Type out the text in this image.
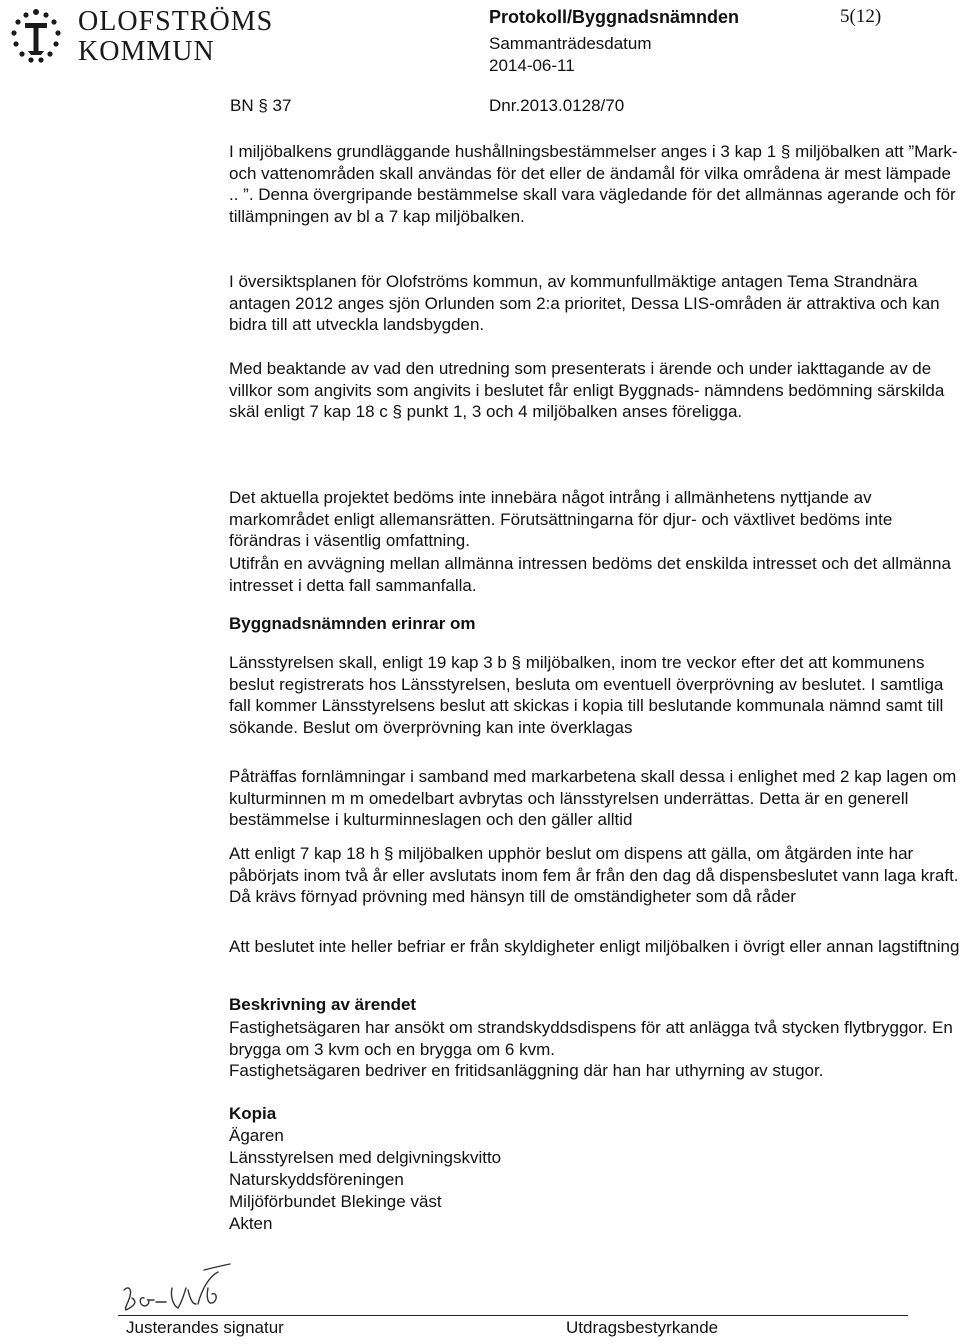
OLOFSTRÖMS
KOMMUN
Protokoll/Byggnadsnämnden	5(12)
Sammanträdesdatum
2014-06-11
BN § 37	Dnr.2013.0128/70

I miljöbalkens grundläggande hushållningsbestämmelser anges i 3 kap 1 § miljöbalken att ”Mark- och vattenområden skall användas för det eller de ändamål för vilka områdena är mest lämpade .. ”. Denna övergripande bestämmelse skall vara vägledande för det allmännas agerande och för tillämpningen av bl a 7 kap miljöbalken.

I översiktsplanen för Olofströms kommun, av kommunfullmäktige antagen Tema Strandnära antagen 2012 anges sjön Orlunden som 2:a prioritet, Dessa LIS-områden är attraktiva och kan bidra till att utveckla landsbygden.

Med beaktande av vad den utredning som presenterats i ärende och under iakttagande av de villkor som angivits som angivits i beslutet får enligt Byggnads- nämndens bedömning särskilda skäl enligt 7 kap 18 c § punkt 1, 3 och 4 miljöbalken anses föreligga.

Det aktuella projektet bedöms inte innebära något intrång i allmänhetens nyttjande av markområdet enligt allemansrätten. Förutsättningarna för djur- och växtlivet bedöms inte förändras i väsentlig omfattning.

Utifrån en avvägning mellan allmänna intressen bedöms det enskilda intresset och det allmänna intresset i detta fall sammanfalla.

Byggnadsnämnden erinrar om

Länsstyrelsen skall, enligt 19 kap 3 b § miljöbalken, inom tre veckor efter det att kommunens beslut registrerats hos Länsstyrelsen, besluta om eventuell överprövning av beslutet. I samtliga fall kommer Länsstyrelsens beslut att skickas i kopia till beslutande kommunala nämnd samt till sökande. Beslut om överprövning kan inte överklagas

Påträffas fornlämningar i samband med markarbetena skall dessa i enlighet med 2 kap lagen om kulturminnen m m omedelbart avbrytas och länsstyrelsen underrättas. Detta är en generell bestämmelse i kulturminneslagen och den gäller alltid

Att enligt 7 kap 18 h § miljöbalken upphör beslut om dispens att gälla, om åtgärden inte har påbörjats inom två år eller avslutats inom fem år från den dag då dispensbeslutet vann laga kraft. Då krävs förnyad prövning med hänsyn till de omständigheter som då råder

Att beslutet inte heller befriar er från skyldigheter enligt miljöbalken i övrigt eller annan lagstiftning

Beskrivning av ärendet

Fastighetsägaren har ansökt om strandskyddsdispens för att anlägga två stycken flytbryggor. En brygga om 3 kvm och en brygga om 6 kvm.

Fastighetsägaren bedriver en fritidsanläggning där han har uthyrning av stugor.

Kopia
Ägaren
Länsstyrelsen med delgivningskvitto
Naturskyddsföreningen
Miljöförbundet Blekinge väst
Akten
Justerandes signatur	Utdragsbestyrkande
